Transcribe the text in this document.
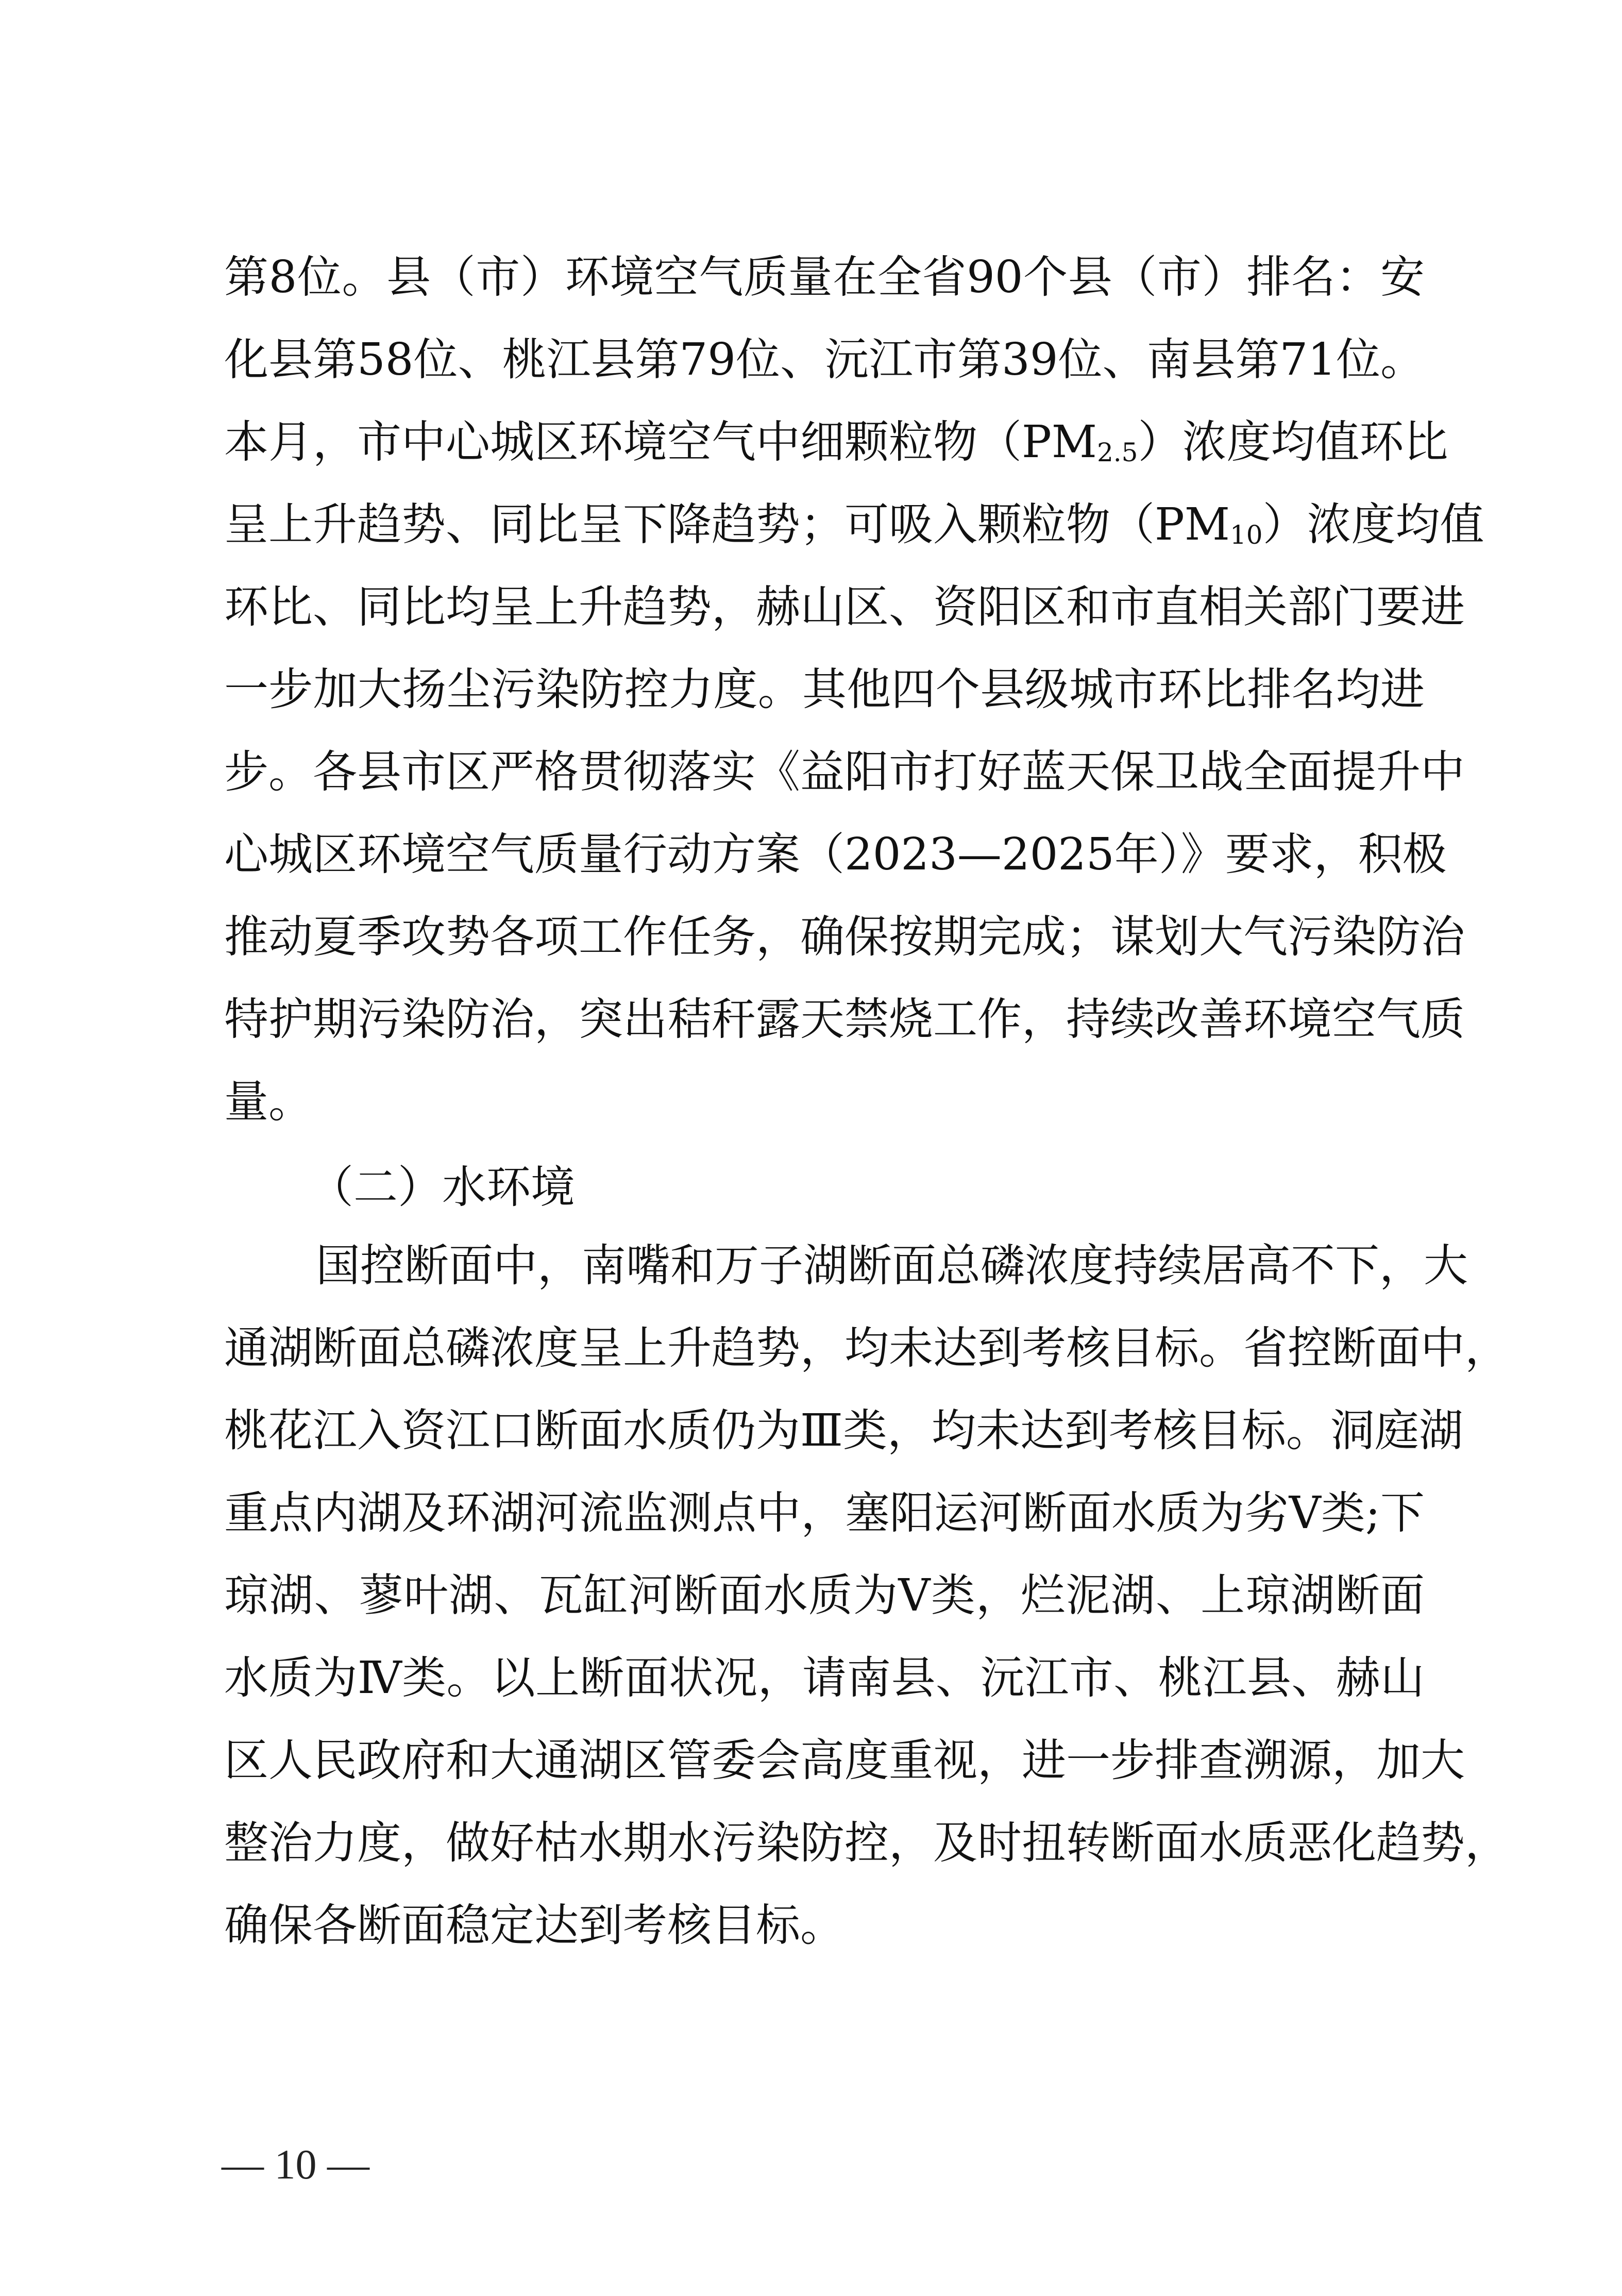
第8位。县（市）环境空气质量在全省90个县（市）排名：安
化县第58位、桃江县第79位、沅江市第39位、南县第71位。
本月，市中心城区环境空气中细颗粒物$(PM_{2.5})$浓度均值环比
呈上升趋势、同比呈下降趋势；可吸入颗粒物$(PM_{10})$浓度均值
环比、同比均呈上升趋势，赫山区、资阳区和市直相关部门要进
一步加大扬尘污染防控力度。其他四个县级城市环比排名均进
步。各县市区严格贯彻落实《益阳市打好蓝天保卫战全面提升中
心城区环境空气质量行动方案（2023—2025年）》要求，积极
推动夏季攻势各项工作任务，确保按期完成；谋划大气污染防治
特护期污染防治，突出秸秆露天禁烧工作，持续改善环境空气质
量。
（二）水环境
国控断面中，南嘴和万子湖断面总磷浓度持续居高不下，大
通湖断面总磷浓度呈上升趋势，均未达到考核目标。省控断面中，
桃花江入资江口断面水质仍为Ⅲ类，均未达到考核目标。洞庭湖
重点内湖及环湖河流监测点中，塞阳运河断面水质为劣Ⅴ类;下
琼湖、蓼叶湖、瓦缸河断面水质为Ⅴ类，烂泥湖、上琼湖断面
水质为Ⅳ类。以上断面状况，请南县、沅江市、桃江县、赫山
区人民政府和大通湖区管委会高度重视，进一步排查溯源，加大
整治力度，做好枯水期水污染防控，及时扭转断面水质恶化趋势，
确保各断面稳定达到考核目标。
— 10 —
